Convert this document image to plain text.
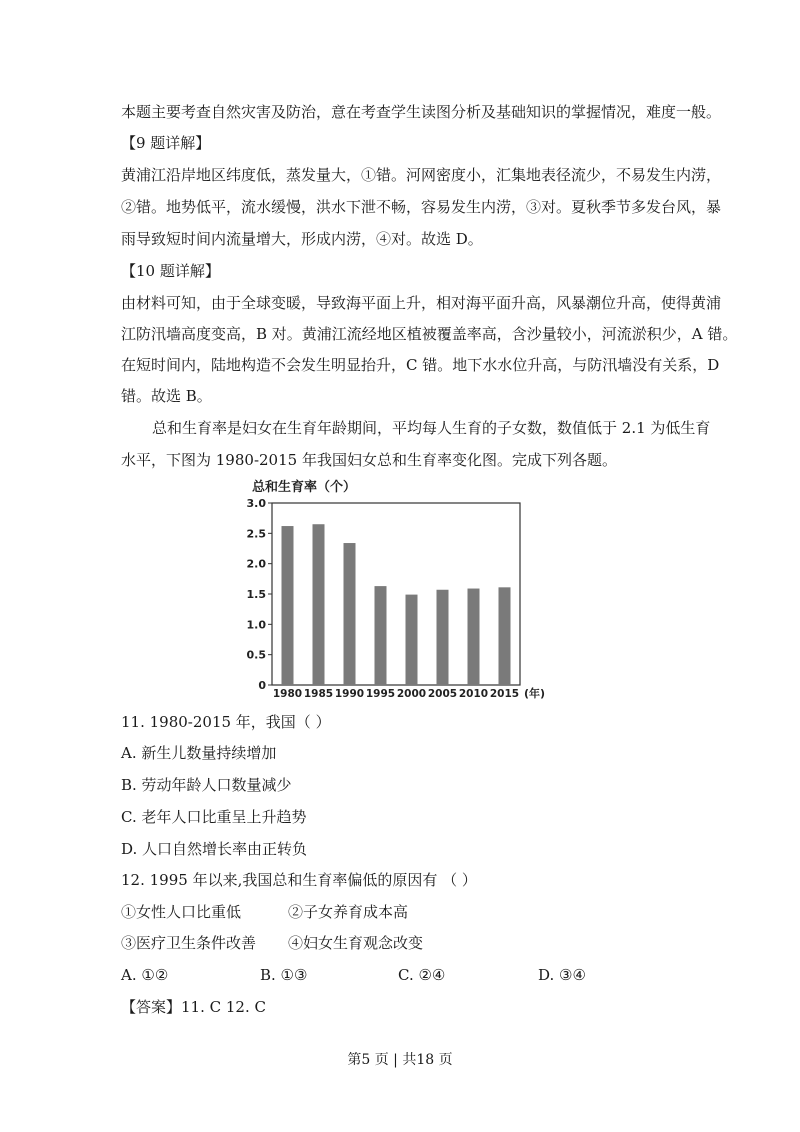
本题主要考查自然灾害及防治，意在考查学生读图分析及基础知识的掌握情况，难度一般。
【9 题详解】
黄浦江沿岸地区纬度低，蒸发量大，①错。河网密度小，汇集地表径流少，不易发生内涝，
②错。地势低平，流水缓慢，洪水下泄不畅，容易发生内涝，③对。夏秋季节多发台风，暴
雨导致短时间内流量增大，形成内涝，④对。故选 D。
【10 题详解】
由材料可知，由于全球变暖，导致海平面上升，相对海平面升高，风暴潮位升高，使得黄浦
江防汛墙高度变高，B 对。黄浦江流经地区植被覆盖率高，含沙量较小，河流淤积少，A 错。
在短时间内，陆地构造不会发生明显抬升，C 错。地下水水位升高，与防汛墙没有关系，D
错。故选 B。
总和生育率是妇女在生育年龄期间，平均每人生育的子女数，数值低于 2.1 为低生育
水平，下图为 1980-2015 年我国妇女总和生育率变化图。完成下列各题。
总和生育率（个）
0
0.5
1.0
1.5
2.0
2.5
3.0
1980 1985 1990 1995 2000 2005 2010 2015 (年)
11. 1980-2015 年，我国（ ）
A. 新生儿数量持续增加
B. 劳动年龄人口数量减少
C. 老年人口比重呈上升趋势
D. 人口自然增长率由正转负
12. 1995 年以来,我国总和生育率偏低的原因有 （ ）
①女性人口比重低	②子女养育成本高
③医疗卫生条件改善 ④妇女生育观念改变
A. ①②	B. ①③	C. ②④	D. ③④
【答案】11. C 12. C
第5 页 | 共18 页
